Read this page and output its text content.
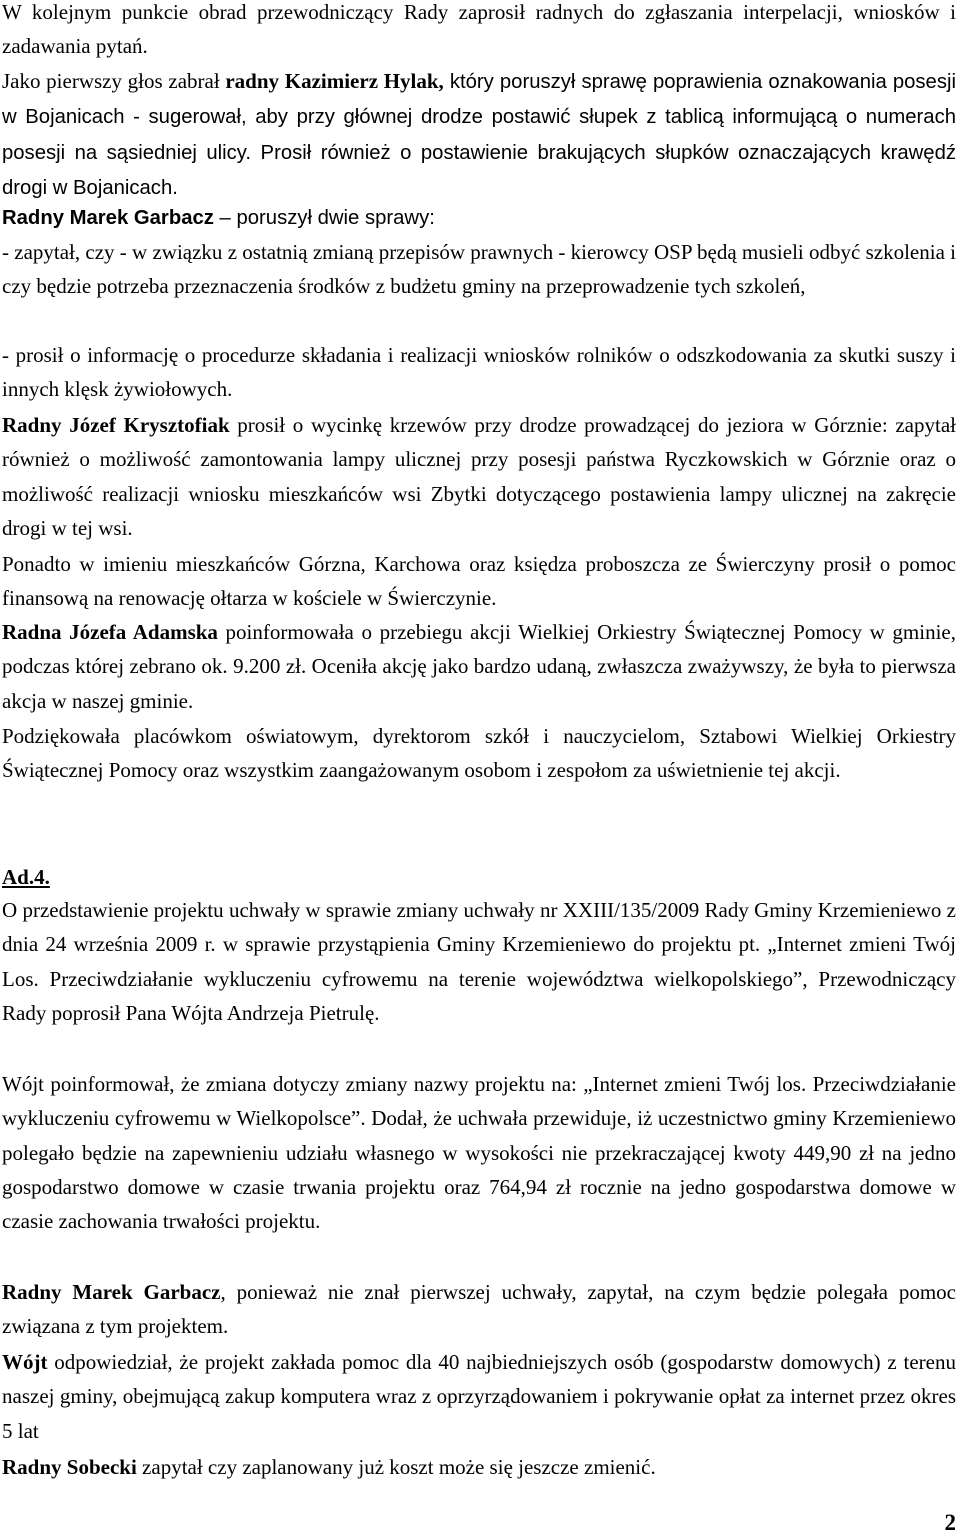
W kolejnym punkcie obrad przewodniczący Rady zaprosił radnych do zgłaszania interpelacji, wniosków i zadawania pytań.

Jako pierwszy głos zabrał radny Kazimierz Hylak, który poruszył sprawę poprawienia oznakowania posesji w Bojanicach - sugerował, aby przy głównej drodze postawić słupek z tablicą informującą o numerach posesji na sąsiedniej ulicy. Prosił również o postawienie brakujących słupków oznaczających krawędź drogi w Bojanicach.

Radny Marek Garbacz – poruszył dwie sprawy:

- zapytał, czy - w związku z ostatnią zmianą przepisów prawnych - kierowcy OSP będą musieli odbyć szkolenia i czy będzie potrzeba przeznaczenia środków z budżetu gminy na przeprowadzenie tych szkoleń,

- prosił o informację o procedurze składania i realizacji wniosków rolników o odszkodowania za skutki suszy i innych klęsk żywiołowych.

Radny Józef Krysztofiak prosił o wycinkę krzewów przy drodze prowadzącej do jeziora w Górznie: zapytał również o możliwość zamontowania lampy ulicznej przy posesji państwa Ryczkowskich w Górznie oraz o możliwość realizacji wniosku mieszkańców wsi Zbytki dotyczącego postawienia lampy ulicznej na zakręcie drogi w tej wsi.

Ponadto w imieniu mieszkańców Górzna, Karchowa oraz księdza proboszcza ze Świerczyny prosił o pomoc finansową na renowację ołtarza w kościele w Świerczynie.

Radna Józefa Adamska poinformowała o przebiegu akcji Wielkiej Orkiestry Świątecznej Pomocy w gminie, podczas której zebrano ok. 9.200 zł. Oceniła akcję jako bardzo udaną, zwłaszcza zważywszy, że była to pierwsza akcja w naszej gminie.

Podziękowała placówkom oświatowym, dyrektorom szkół i nauczycielom, Sztabowi Wielkiej Orkiestry Świątecznej Pomocy oraz wszystkim zaangażowanym osobom i zespołom za uświetnienie tej akcji.

Ad.4.

O przedstawienie projektu uchwały w sprawie zmiany uchwały nr XXIII/135/2009 Rady Gminy Krzemieniewo z dnia 24 września 2009 r. w sprawie przystąpienia Gminy Krzemieniewo do projektu pt. „Internet zmieni Twój Los. Przeciwdziałanie wykluczeniu cyfrowemu na terenie województwa wielkopolskiego”, Przewodniczący Rady poprosił Pana Wójta Andrzeja Pietrulę.

Wójt poinformował, że zmiana dotyczy zmiany nazwy projektu na: „Internet zmieni Twój los. Przeciwdziałanie wykluczeniu cyfrowemu w Wielkopolsce”. Dodał, że uchwała przewiduje, iż uczestnictwo gminy Krzemieniewo polegało będzie na zapewnieniu udziału własnego w wysokości nie przekraczającej kwoty 449,90 zł na jedno gospodarstwo domowe w czasie trwania projektu oraz 764,94 zł rocznie na jedno gospodarstwa domowe w czasie zachowania trwałości projektu.

Radny Marek Garbacz, ponieważ nie znał pierwszej uchwały, zapytał, na czym będzie polegała pomoc związana z tym projektem.

Wójt odpowiedział, że projekt zakłada pomoc dla 40 najbiedniejszych osób (gospodarstw domowych) z terenu naszej gminy, obejmującą zakup komputera wraz z oprzyrządowaniem i pokrywanie opłat za internet przez okres 5 lat

Radny Sobecki zapytał czy zaplanowany już koszt może się jeszcze zmienić.

2
